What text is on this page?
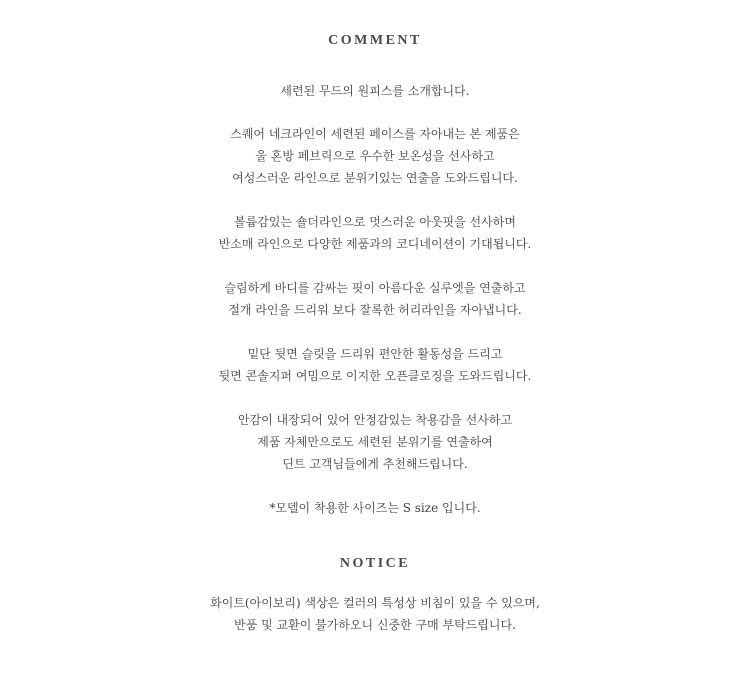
COMMENT
세련된 무드의 원피스를 소개합니다.
스퀘어 네크라인이 세련된 페이스를 자아내는 본 제품은
울 혼방 페브릭으로 우수한 보온성을 선사하고
여성스러운 라인으로 분위기있는 연출을 도와드립니다.
볼륨감있는 숄더라인으로 멋스러운 아웃핏을 선사하며
반소매 라인으로 다양한 제품과의 코디네이션이 기대됩니다.
슬림하게 바디를 감싸는 핏이 아름다운 실루엣을 연출하고
절개 라인을 드리워 보다 잘록한 허리라인을 자아냅니다.
밑단 뒷면 슬릿을 드리워 편안한 활동성을 드리고
뒷면 콘솔지퍼 여밈으로 이지한 오픈클로징을 도와드립니다.
안감이 내장되어 있어 안정감있는 착용감을 선사하고
제품 자체만으로도 세련된 분위기를 연출하여
딘트 고객님들에게 추천해드립니다.
*모델이 착용한 사이즈는 S size 입니다.
NOTICE
화이트(아이보리) 색상은 컬러의 특성상 비침이 있을 수 있으며,
반품 및 교환이 불가하오니 신중한 구매 부탁드립니다.
